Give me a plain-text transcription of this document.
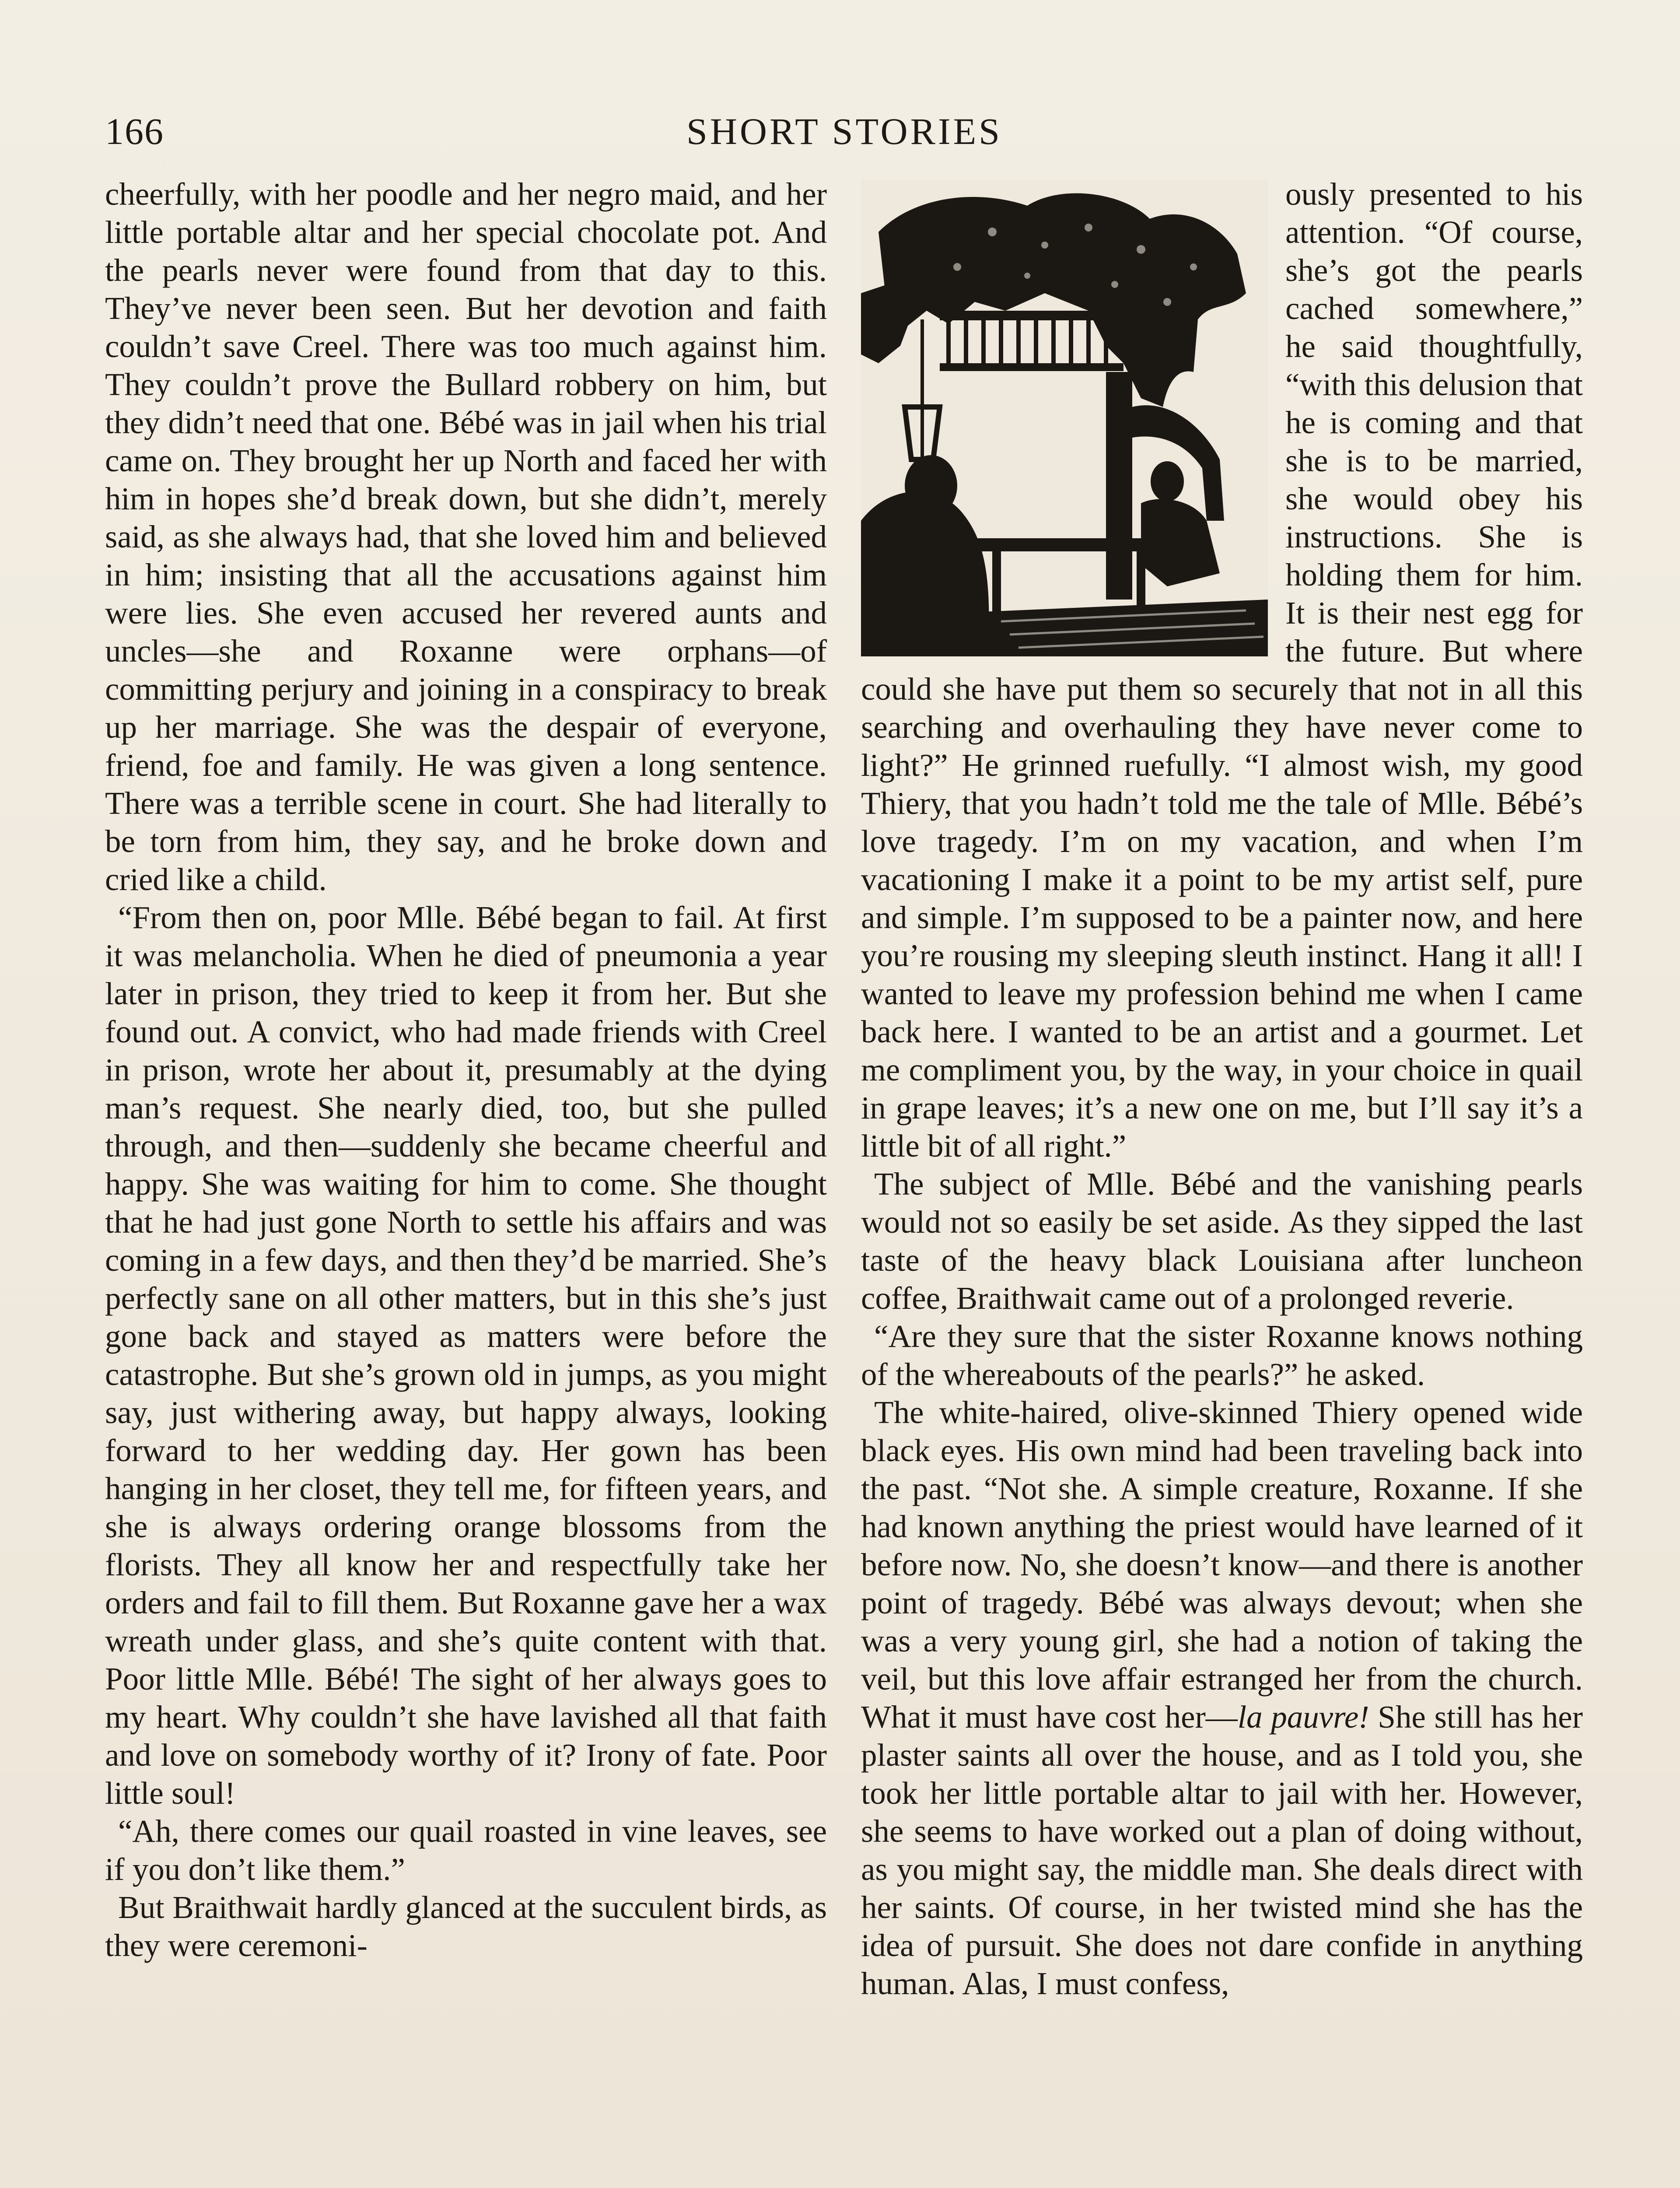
166	SHORT STORIES

cheerfully, with her poodle and her negro maid, and her little portable altar and her special chocolate pot. And the pearls never were found from that day to this. They’ve never been seen. But her devotion and faith couldn’t save Creel. There was too much against him. They couldn’t prove the Bullard robbery on him, but they didn’t need that one. Bébé was in jail when his trial came on. They brought her up North and faced her with him in hopes she’d break down, but she didn’t, merely said, as she always had, that she loved him and believed in him; insisting that all the accusations against him were lies. She even accused her revered aunts and uncles—she and Roxanne were orphans—of committing perjury and joining in a conspiracy to break up her marriage. She was the despair of everyone, friend, foe and family. He was given a long sentence. There was a terrible scene in court. She had literally to be torn from him, they say, and he broke down and cried like a child.

“From then on, poor Mlle. Bébé began to fail. At first it was melancholia. When he died of pneumonia a year later in prison, they tried to keep it from her. But she found out. A convict, who had made friends with Creel in prison, wrote her about it, presumably at the dying man’s request. She nearly died, too, but she pulled through, and then—suddenly she became cheerful and happy. She was waiting for him to come. She thought that he had just gone North to settle his affairs and was coming in a few days, and then they’d be married. She’s perfectly sane on all other matters, but in this she’s just gone back and stayed as matters were before the catastrophe. But she’s grown old in jumps, as you might say, just withering away, but happy always, looking forward to her wedding day. Her gown has been hanging in her closet, they tell me, for fifteen years, and she is always ordering orange blossoms from the florists. They all know her and respectfully take her orders and fail to fill them. But Roxanne gave her a wax wreath under glass, and she’s quite content with that. Poor little Mlle. Bébé! The sight of her always goes to my heart. Why couldn’t she have lavished all that faith and love on somebody worthy of it? Irony of fate. Poor little soul!

“Ah, there comes our quail roasted in vine leaves, see if you don’t like them.”

But Braithwait hardly glanced at the succulent birds, as they were ceremoni-

ously presented to his attention. “Of course, she’s got the pearls cached somewhere,” he said thoughtfully, “with this delusion that he is coming and that she is to be married, she would obey his instructions. She is holding them for him. It is their nest egg for the future. But where could she have put them so securely that not in all this searching and overhauling they have never come to light?” He grinned ruefully. “I almost wish, my good Thiery, that you hadn’t told me the tale of Mlle. Bébé’s love tragedy. I’m on my vacation, and when I’m vacationing I make it a point to be my artist self, pure and simple. I’m supposed to be a painter now, and here you’re rousing my sleeping sleuth instinct. Hang it all! I wanted to leave my profession behind me when I came back here. I wanted to be an artist and a gourmet. Let me compliment you, by the way, in your choice in quail in grape leaves; it’s a new one on me, but I’ll say it’s a little bit of all right.”

The subject of Mlle. Bébé and the vanishing pearls would not so easily be set aside. As they sipped the last taste of the heavy black Louisiana after luncheon coffee, Braithwait came out of a prolonged reverie.

“Are they sure that the sister Roxanne knows nothing of the whereabouts of the pearls?” he asked.

The white-haired, olive-skinned Thiery opened wide black eyes. His own mind had been traveling back into the past. “Not she. A simple creature, Roxanne. If she had known anything the priest would have learned of it before now. No, she doesn’t know—and there is another point of tragedy. Bébé was always devout; when she was a very young girl, she had a notion of taking the veil, but this love affair estranged her from the church. What it must have cost her—la pauvre! She still has her plaster saints all over the house, and as I told you, she took her little portable altar to jail with her. However, she seems to have worked out a plan of doing without, as you might say, the middle man. She deals direct with her saints. Of course, in her twisted mind she has the idea of pursuit. She does not dare confide in anything human. Alas, I must confess,
